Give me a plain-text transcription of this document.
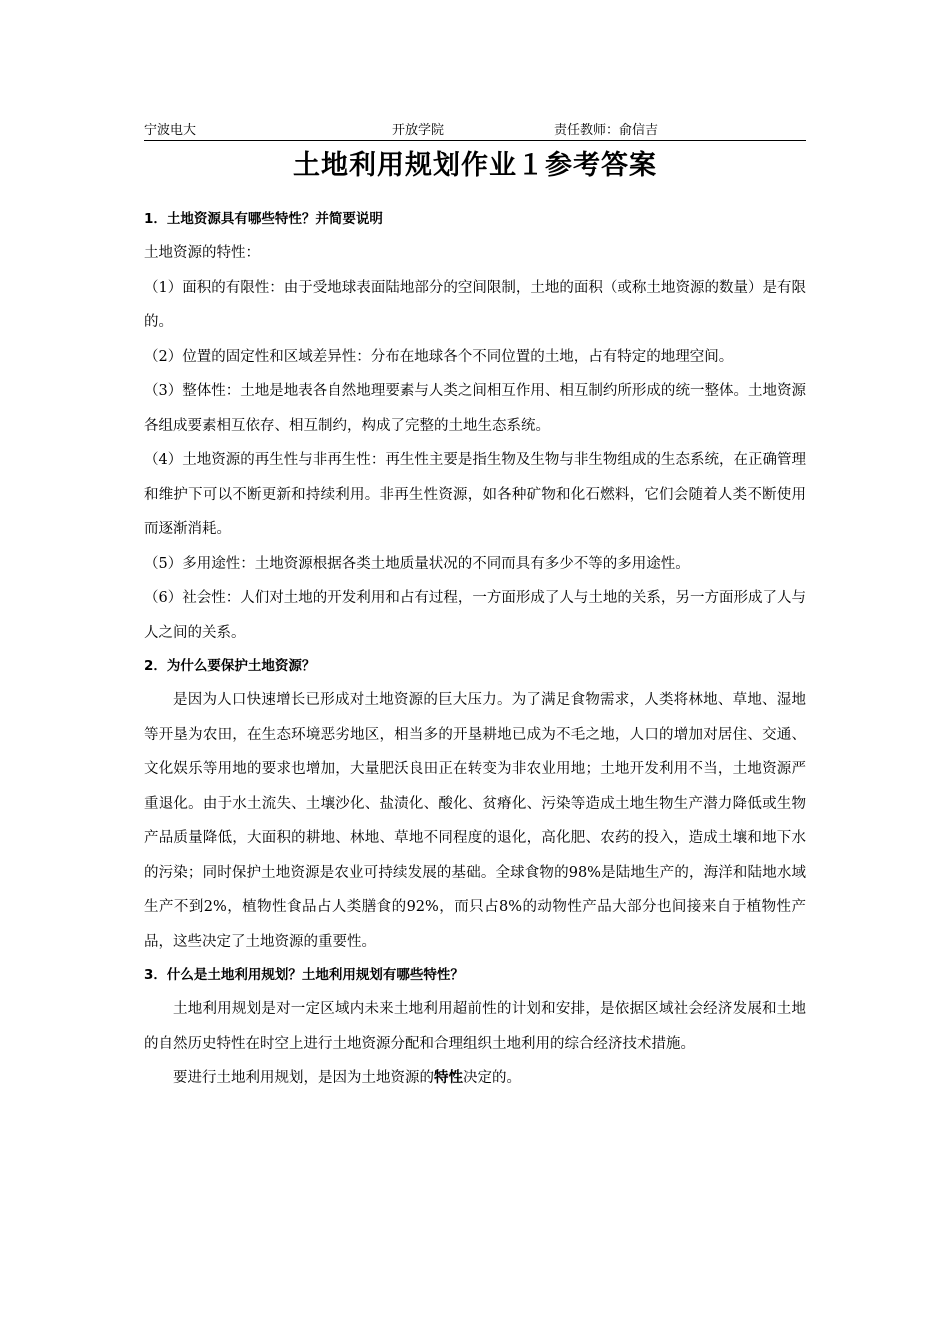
宁波电大	开放学院	责任教师：俞信吉
土地利用规划作业１参考答案
1．土地资源具有哪些特性？并简要说明
土地资源的特性：
（1）面积的有限性：由于受地球表面陆地部分的空间限制，土地的面积（或称土地资源的数量）是有限的。
（2）位置的固定性和区域差异性：分布在地球各个不同位置的土地，占有特定的地理空间。
（3）整体性：土地是地表各自然地理要素与人类之间相互作用、相互制约所形成的统一整体。土地资源各组成要素相互依存、相互制约，构成了完整的土地生态系统。
（4）土地资源的再生性与非再生性：再生性主要是指生物及生物与非生物组成的生态系统，在正确管理和维护下可以不断更新和持续利用。非再生性资源，如各种矿物和化石燃料，它们会随着人类不断使用而逐渐消耗。
（5）多用途性：土地资源根据各类土地质量状况的不同而具有多少不等的多用途性。
（6）社会性：人们对土地的开发利用和占有过程，一方面形成了人与土地的关系，另一方面形成了人与人之间的关系。
2．为什么要保护土地资源？
是因为人口快速增长已形成对土地资源的巨大压力。为了满足食物需求，人类将林地、草地、湿地等开垦为农田，在生态环境恶劣地区，相当多的开垦耕地已成为不毛之地，人口的增加对居住、交通、文化娱乐等用地的要求也增加，大量肥沃良田正在转变为非农业用地；土地开发利用不当，土地资源严重退化。由于水土流失、土壤沙化、盐渍化、酸化、贫瘠化、污染等造成土地生物生产潜力降低或生物产品质量降低，大面积的耕地、林地、草地不同程度的退化，高化肥、农药的投入，造成土壤和地下水的污染；同时保护土地资源是农业可持续发展的基础。全球食物的98%是陆地生产的，海洋和陆地水域生产不到2%，植物性食品占人类膳食的92%，而只占8%的动物性产品大部分也间接来自于植物性产品，这些决定了土地资源的重要性。
3．什么是土地利用规划？土地利用规划有哪些特性？
土地利用规划是对一定区域内未来土地利用超前性的计划和安排，是依据区域社会经济发展和土地的自然历史特性在时空上进行土地资源分配和合理组织土地利用的综合经济技术措施。
要进行土地利用规划，是因为土地资源的特性决定的。
